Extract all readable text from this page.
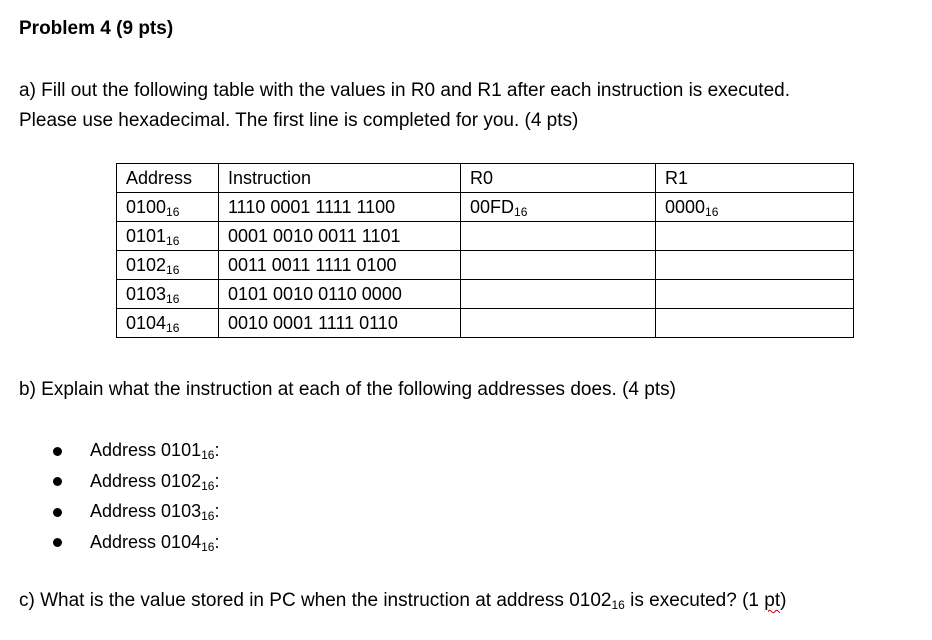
Problem 4 (9 pts)
a) Fill out the following table with the values in R0 and R1 after each instruction is executed.
Please use hexadecimal. The first line is completed for you. (4 pts)
Address	Instruction	R0	R1
$0100_{16}$	1110 0001 1111 1100	$00FD_{16}$	$0000_{16}$
$0101_{16}$	0001 0010 0011 1101		
$0102_{16}$	0011 0011 1111 0100		
$0103_{16}$	0101 0010 0110 0000		
$0104_{16}$	0010 0001 1111 0110		
b) Explain what the instruction at each of the following addresses does. (4 pts)
Address $0101_{16}$:
Address $0102_{16}$:
Address $0103_{16}$:
Address $0104_{16}$:
c) What is the value stored in PC when the instruction at address $0102_{16}$ is executed? (1 pt)
